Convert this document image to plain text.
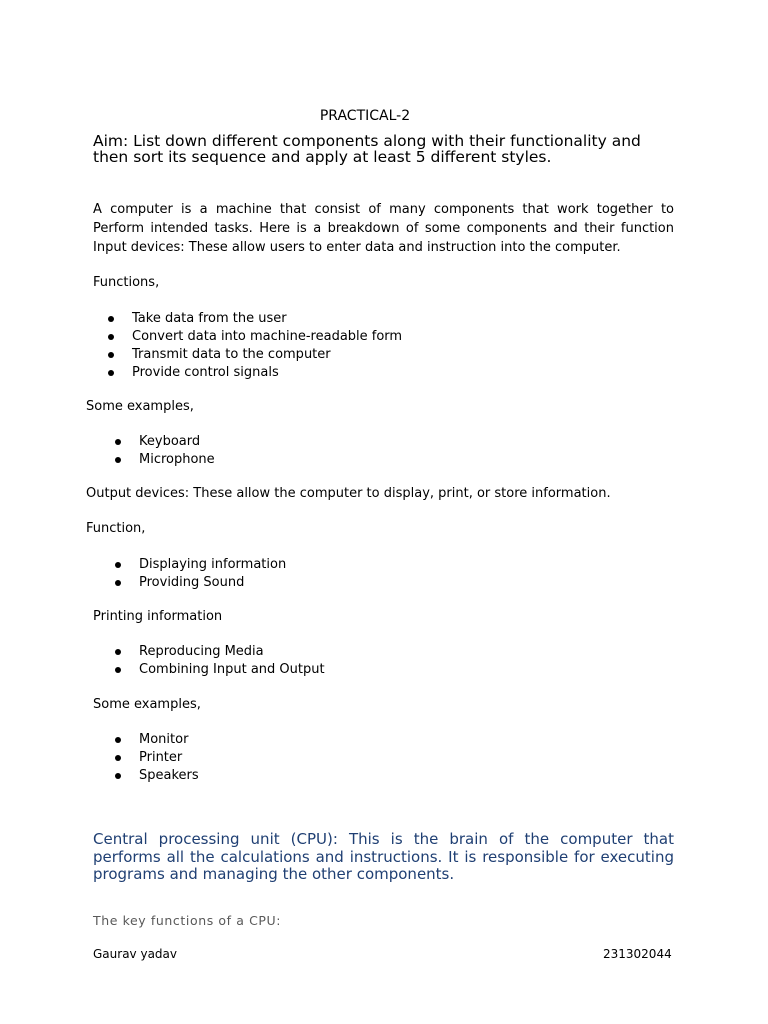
PRACTICAL-2
Aim: List down different components along with their functionality and then sort its sequence and apply at least 5 different styles.
A computer is a machine that consist of many components that work together to Perform intended tasks. Here is a breakdown of some components and their function Input devices: These allow users to enter data and instruction into the computer.
Functions,
Take data from the user
Convert data into machine-readable form
Transmit data to the computer
Provide control signals
Some examples,
Keyboard
Microphone
Output devices: These allow the computer to display, print, or store information.
Function,
Displaying information
Providing Sound
Printing information
Reproducing Media
Combining Input and Output
Some examples,
Monitor
Printer
Speakers
Central processing unit (CPU): This is the brain of the computer that performs all the calculations and instructions. It is responsible for executing programs and managing the other components.
The key functions of a CPU:
Gaurav yadav	231302044
